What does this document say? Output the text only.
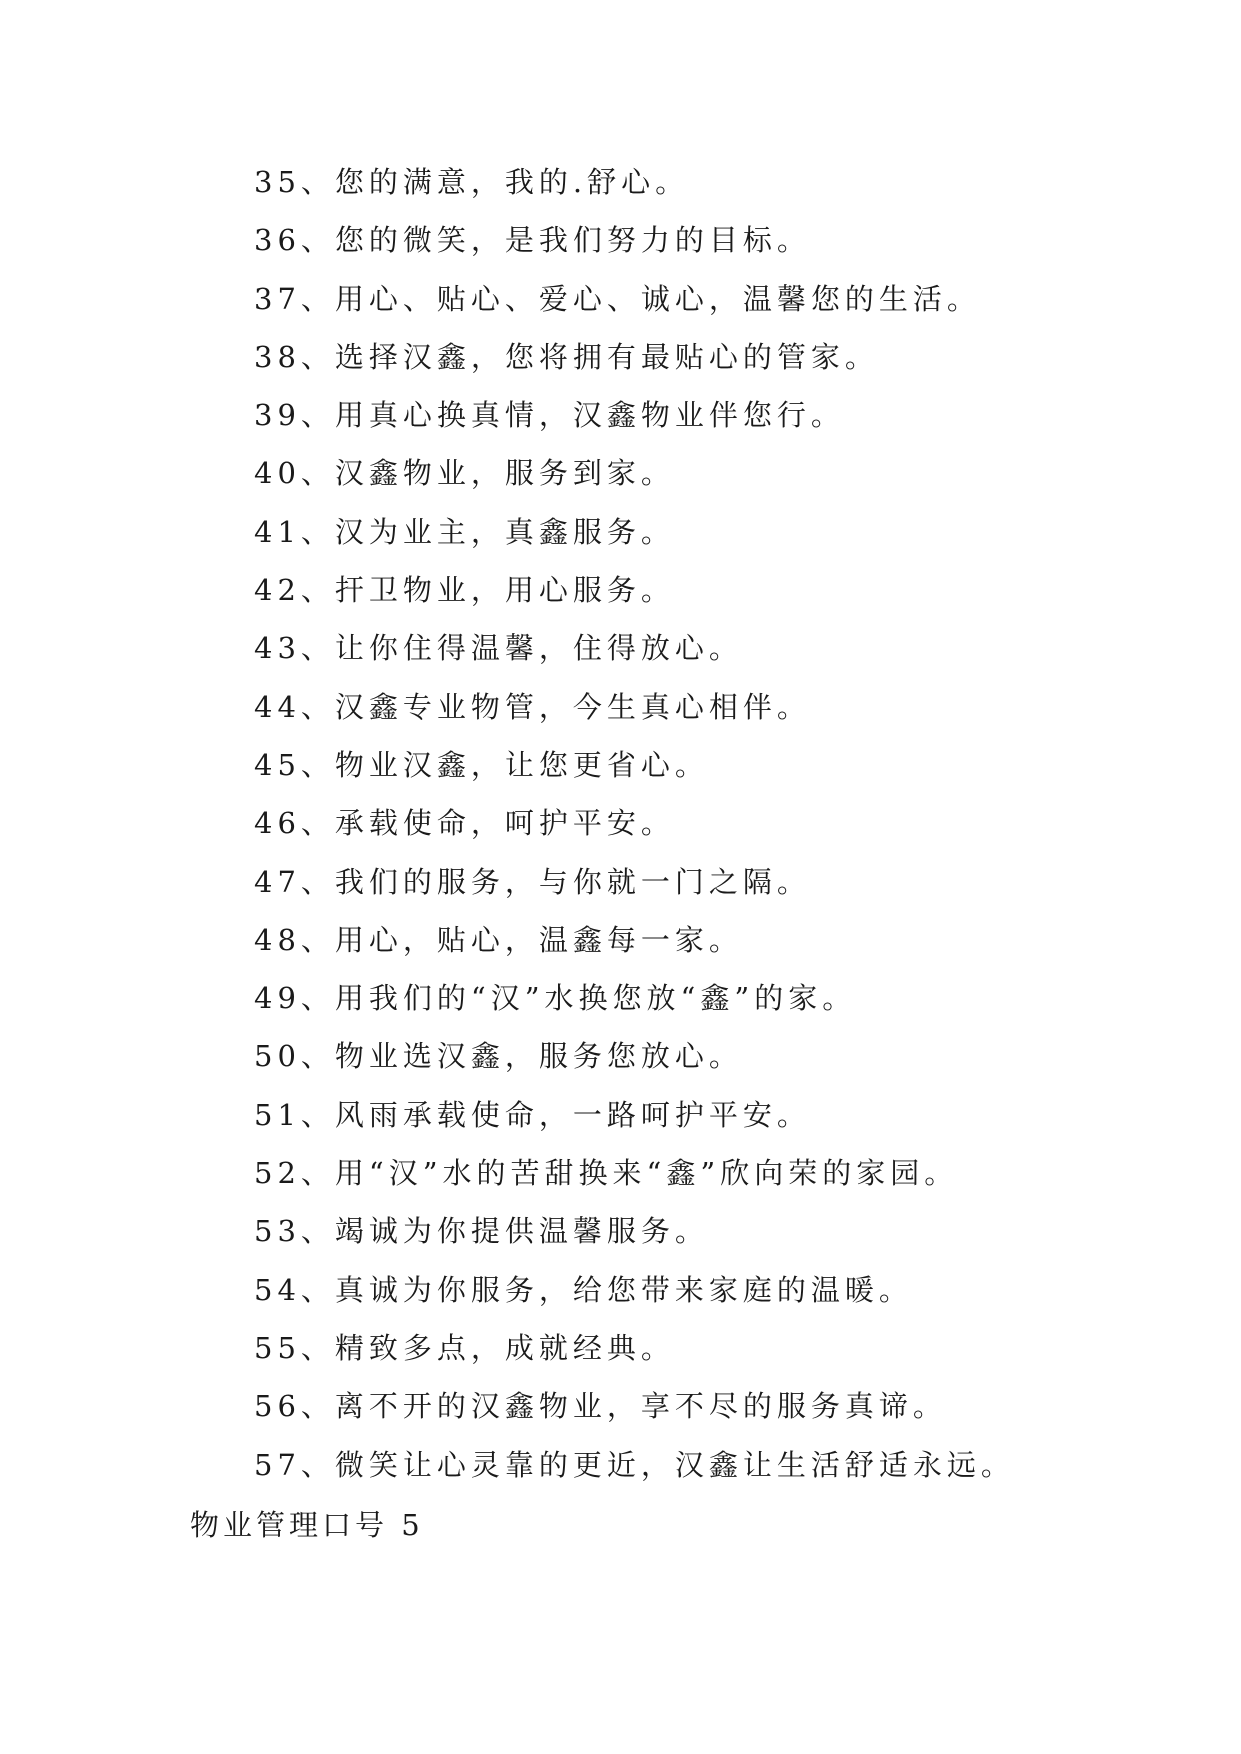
35、您的满意，我的.舒心。
36、您的微笑，是我们努力的目标。
37、用心、贴心、爱心、诚心，温馨您的生活。
38、选择汉鑫，您将拥有最贴心的管家。
39、用真心换真情，汉鑫物业伴您行。
40、汉鑫物业，服务到家。
41、汉为业主，真鑫服务。
42、扞卫物业，用心服务。
43、让你住得温馨，住得放心。
44、汉鑫专业物管，今生真心相伴。
45、物业汉鑫，让您更省心。
46、承载使命，呵护平安。
47、我们的服务，与你就一门之隔。
48、用心，贴心，温鑫每一家。
49、用我们的“汉”水换您放“鑫”的家。
50、物业选汉鑫，服务您放心。
51、风雨承载使命，一路呵护平安。
52、用“汉”水的苦甜换来“鑫”欣向荣的家园。
53、竭诚为你提供温馨服务。
54、真诚为你服务，给您带来家庭的温暖。
55、精致多点，成就经典。
56、离不开的汉鑫物业，享不尽的服务真谛。
57、微笑让心灵靠的更近，汉鑫让生活舒适永远。
物业管理口号 5
